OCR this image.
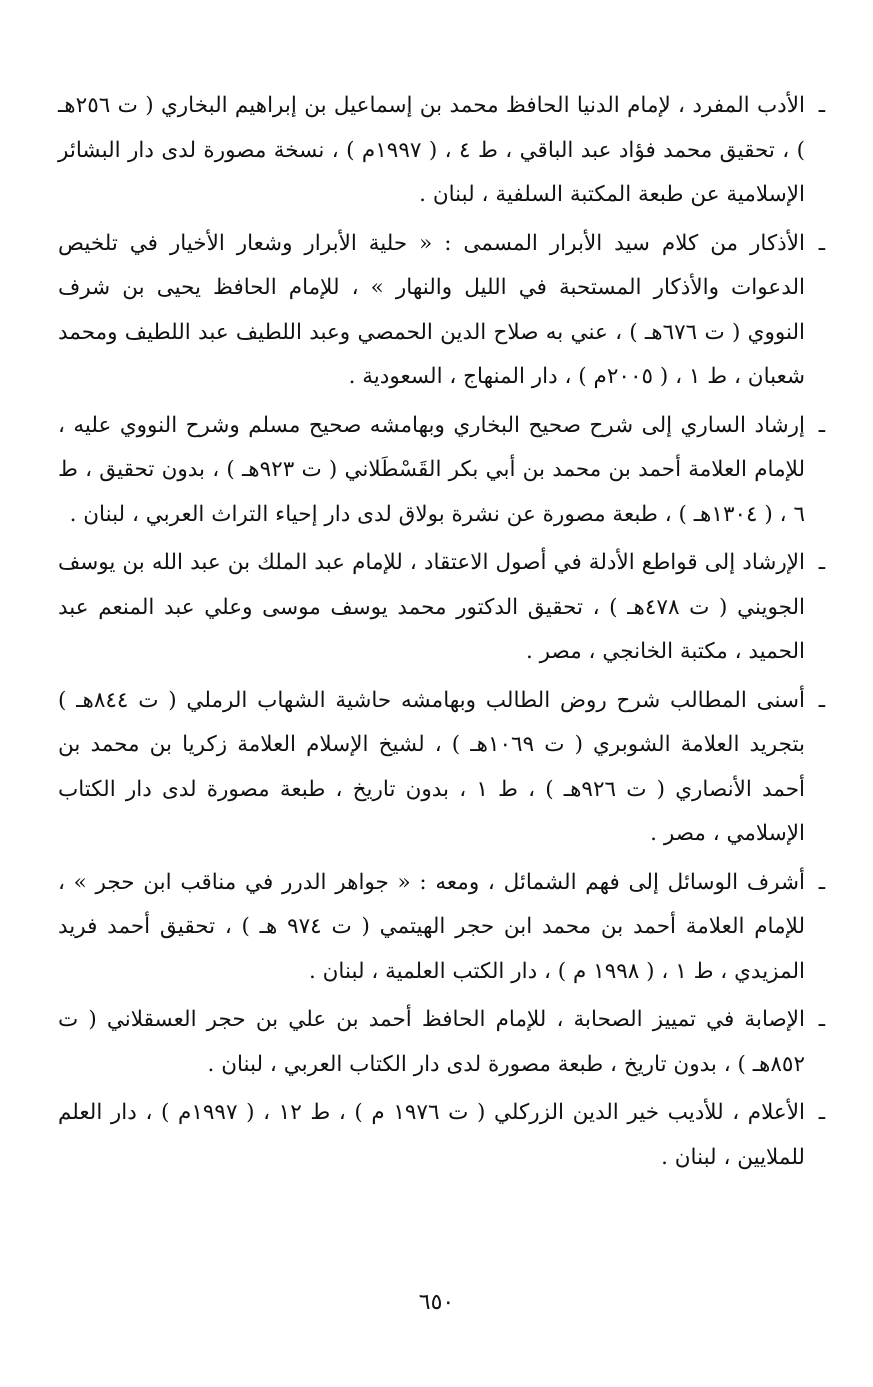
ـ
الأدب المفرد ، لإمام الدنيا الحافظ محمد بن إسماعيل بن إبراهيم البخاري ( ت ٢٥٦هـ ) ، تحقيق محمد فؤاد عبد الباقي ، ط ٤ ، ( ١٩٩٧م ) ، نسخة مصورة لدى دار البشائر الإسلامية عن طبعة المكتبة السلفية ، لبنان .
ـ
الأذكار من كلام سيد الأبرار المسمى : « حلية الأبرار وشعار الأخيار في تلخيص الدعوات والأذكار المستحبة في الليل والنهار » ، للإمام الحافظ يحيى بن شرف النووي ( ت ٦٧٦هـ ) ، عني به صلاح الدين الحمصي وعبد اللطيف عبد اللطيف ومحمد شعبان ، ط ١ ، ( ٢٠٠٥م ) ، دار المنهاج ، السعودية .
ـ
إرشاد الساري إلى شرح صحيح البخاري وبهامشه صحيح مسلم وشرح النووي عليه ، للإمام العلامة أحمد بن محمد بن أبي بكر القَسْطَلاني ( ت ٩٢٣هـ ) ، بدون تحقيق ، ط ٦ ، ( ١٣٠٤هـ ) ، طبعة مصورة عن نشرة بولاق لدى دار إحياء التراث العربي ، لبنان .
ـ
الإرشاد إلى قواطع الأدلة في أصول الاعتقاد ، للإمام عبد الملك بن عبد الله بن يوسف الجويني ( ت ٤٧٨هـ ) ، تحقيق الدكتور محمد يوسف موسى وعلي عبد المنعم عبد الحميد ، مكتبة الخانجي ، مصر .
ـ
أسنى المطالب شرح روض الطالب وبهامشه حاشية الشهاب الرملي ( ت ٨٤٤هـ ) بتجريد العلامة الشوبري ( ت ١٠٦٩هـ ) ، لشيخ الإسلام العلامة زكريا بن محمد بن أحمد الأنصاري ( ت ٩٢٦هـ ) ، ط ١ ، بدون تاريخ ، طبعة مصورة لدى دار الكتاب الإسلامي ، مصر .
ـ
أشرف الوسائل إلى فهم الشمائل ، ومعه : « جواهر الدرر في مناقب ابن حجر » ، للإمام العلامة أحمد بن محمد ابن حجر الهيتمي ( ت ٩٧٤ هـ ) ، تحقيق أحمد فريد المزيدي ، ط ١ ، ( ١٩٩٨ م ) ، دار الكتب العلمية ، لبنان .
ـ
الإصابة في تمييز الصحابة ، للإمام الحافظ أحمد بن علي بن حجر العسقلاني ( ت ٨٥٢هـ ) ، بدون تاريخ ، طبعة مصورة لدى دار الكتاب العربي ، لبنان .
ـ
الأعلام ، للأديب خير الدين الزركلي ( ت ١٩٧٦ م ) ، ط ١٢ ، ( ١٩٩٧م ) ، دار العلم للملايين ، لبنان .
٦٥٠
